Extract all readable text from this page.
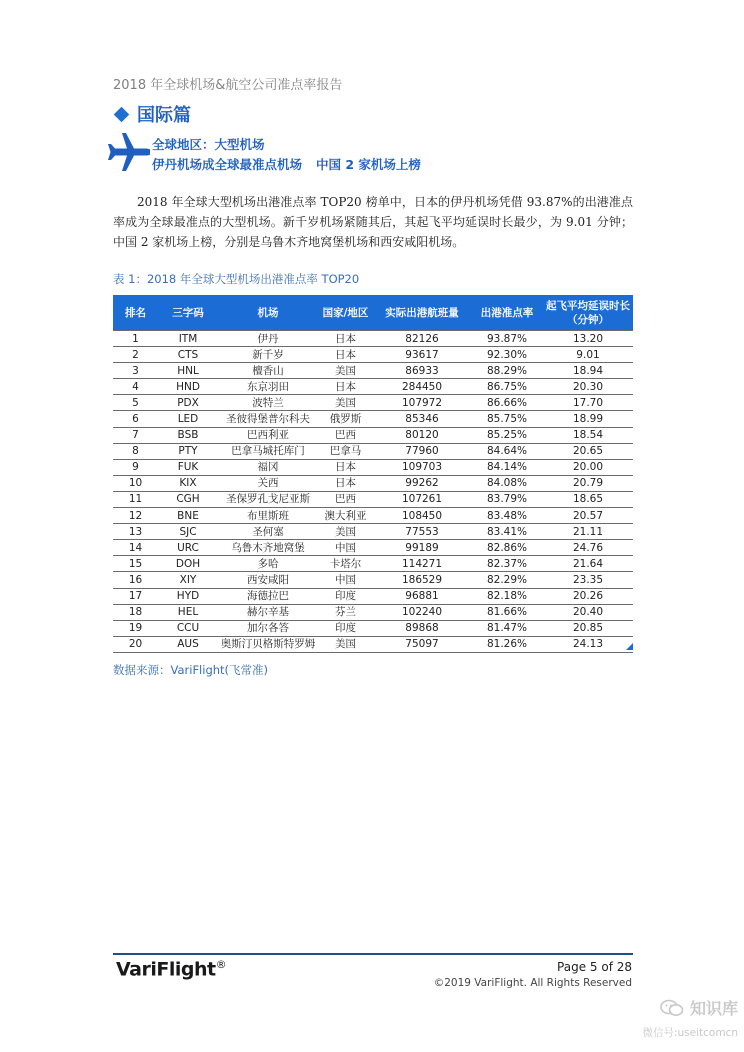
2018 年全球机场&航空公司准点率报告
国际篇
全球地区：大型机场
伊丹机场成全球最准点机场 中国 2 家机场上榜
2018 年全球大型机场出港准点率 TOP20 榜单中，日本的伊丹机场凭借 93.87%的出港准点率成为全球最准点的大型机场。新千岁机场紧随其后，其起飞平均延误时长最少，为 9.01 分钟；中国 2 家机场上榜，分别是乌鲁木齐地窝堡机场和西安咸阳机场。
表 1：2018 年全球大型机场出港准点率 TOP20
排名	三字码	机场	国家/地区	实际出港航班量	出港准点率	起飞平均延误时长（分钟）
1	ITM	伊丹	日本	82126	93.87%	13.20
2	CTS	新千岁	日本	93617	92.30%	9.01
3	HNL	檀香山	美国	86933	88.29%	18.94
4	HND	东京羽田	日本	284450	86.75%	20.30
5	PDX	波特兰	美国	107972	86.66%	17.70
6	LED	圣彼得堡普尔科夫	俄罗斯	85346	85.75%	18.99
7	BSB	巴西利亚	巴西	80120	85.25%	18.54
8	PTY	巴拿马城托库门	巴拿马	77960	84.64%	20.65
9	FUK	福冈	日本	109703	84.14%	20.00
10	KIX	关西	日本	99262	84.08%	20.79
11	CGH	圣保罗孔戈尼亚斯	巴西	107261	83.79%	18.65
12	BNE	布里斯班	澳大利亚	108450	83.48%	20.57
13	SJC	圣何塞	美国	77553	83.41%	21.11
14	URC	乌鲁木齐地窝堡	中国	99189	82.86%	24.76
15	DOH	多哈	卡塔尔	114271	82.37%	21.64
16	XIY	西安咸阳	中国	186529	82.29%	23.35
17	HYD	海德拉巴	印度	96881	82.18%	20.26
18	HEL	赫尔辛基	芬兰	102240	81.66%	20.40
19	CCU	加尔各答	印度	89868	81.47%	20.85
20	AUS	奥斯汀贝格斯特罗姆	美国	75097	81.26%	24.13
数据来源：VariFlight(飞常准)
VariFlight®	Page 5 of 28
©2019 VariFlight. All Rights Reserved
知识库
微信号:useitcomcn
